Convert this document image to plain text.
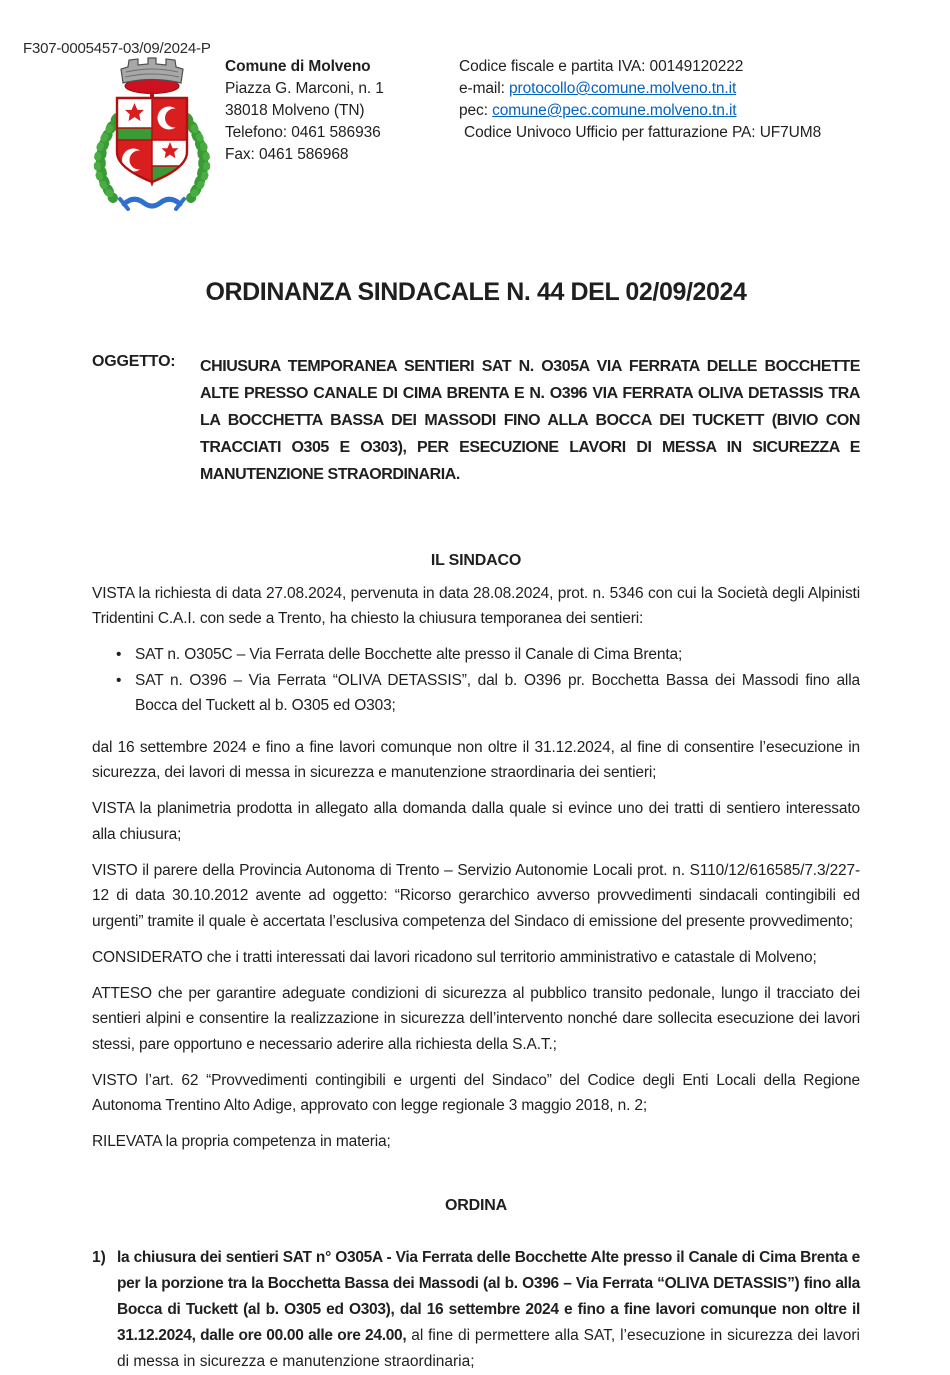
F307-0005457-03/09/2024-P
Comune di Molveno
Piazza G. Marconi, n. 1
38018 Molveno (TN)
Telefono: 0461 586936
Fax: 0461 586968
Codice fiscale e partita IVA: 00149120222
e-mail: protocollo@comune.molveno.tn.it
pec: comune@pec.comune.molveno.tn.it
Codice Univoco Ufficio per fatturazione PA: UF7UM8
ORDINANZA SINDACALE N. 44 DEL 02/09/2024
OGGETTO:	CHIUSURA TEMPORANEA SENTIERI SAT N. O305A VIA FERRATA DELLE BOCCHETTE ALTE PRESSO CANALE DI CIMA BRENTA E N. O396 VIA FERRATA OLIVA DETASSIS TRA LA BOCCHETTA BASSA DEI MASSODI FINO ALLA BOCCA DEI TUCKETT (BIVIO CON TRACCIATI O305 E O303), PER ESECUZIONE LAVORI DI MESSA IN SICUREZZA E MANUTENZIONE STRAORDINARIA.
IL SINDACO
VISTA la richiesta di data 27.08.2024, pervenuta in data 28.08.2024, prot. n. 5346 con cui la Società degli Alpinisti Tridentini C.A.I. con sede a Trento, ha chiesto la chiusura temporanea dei sentieri:
• SAT n. O305C – Via Ferrata delle Bocchette alte presso il Canale di Cima Brenta;
• SAT n. O396 – Via Ferrata “OLIVA DETASSIS”, dal b. O396 pr. Bocchetta Bassa dei Massodi fino alla Bocca del Tuckett al b. O305 ed O303;
dal 16 settembre 2024 e fino a fine lavori comunque non oltre il 31.12.2024, al fine di consentire l’esecuzione in sicurezza, dei lavori di messa in sicurezza e manutenzione straordinaria dei sentieri;
VISTA la planimetria prodotta in allegato alla domanda dalla quale si evince uno dei tratti di sentiero interessato alla chiusura;
VISTO il parere della Provincia Autonoma di Trento – Servizio Autonomie Locali prot. n. S110/12/616585/7.3/227-12 di data 30.10.2012 avente ad oggetto: “Ricorso gerarchico avverso provvedimenti sindacali contingibili ed urgenti” tramite il quale è accertata l’esclusiva competenza del Sindaco di emissione del presente provvedimento;
CONSIDERATO che i tratti interessati dai lavori ricadono sul territorio amministrativo e catastale di Molveno;
ATTESO che per garantire adeguate condizioni di sicurezza al pubblico transito pedonale, lungo il tracciato dei sentieri alpini e consentire la realizzazione in sicurezza dell’intervento nonché dare sollecita esecuzione dei lavori stessi, pare opportuno e necessario aderire alla richiesta della S.A.T.;
VISTO l’art. 62 “Provvedimenti contingibili e urgenti del Sindaco” del Codice degli Enti Locali della Regione Autonoma Trentino Alto Adige, approvato con legge regionale 3 maggio 2018, n. 2;
RILEVATA la propria competenza in materia;
ORDINA
1) la chiusura dei sentieri SAT n° O305A - Via Ferrata delle Bocchette Alte presso il Canale di Cima Brenta e per la porzione tra la Bocchetta Bassa dei Massodi (al b. O396 – Via Ferrata “OLIVA DETASSIS”) fino alla Bocca di Tuckett (al b. O305 ed O303), dal 16 settembre 2024 e fino a fine lavori comunque non oltre il 31.12.2024, dalle ore 00.00 alle ore 24.00, al fine di permettere alla SAT, l’esecuzione in sicurezza dei lavori di messa in sicurezza e manutenzione straordinaria;
